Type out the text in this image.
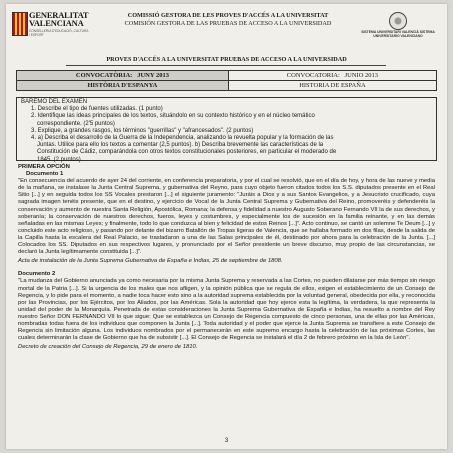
GENERALITAT VALENCIANA
CONSELLERIA D'EDUCACIÓ, CULTURA I ESPORT
COMISSIÓ GESTORA DE LES PROVES D'ACCÉS A LA UNIVERSITAT
COMISIÓN GESTORA DE LAS PRUEBAS DE ACCESO A LA UNIVERSIDAD
SISTEMA UNIVERSITARI VALENCIÀ SISTEMA UNIVERSITARIO VALENCIANO
PROVES D'ACCÉS A LA UNIVERSITAT PRUEBAS DE ACCESO A LA UNIVERSIDAD
CONVOCATÒRIA: JUNY 2013	CONVOCATORIA: JUNIO 2013
HISTÒRIA D'ESPANYA	HISTORIA DE ESPAÑA
BAREMO DEL EXAMEN
1. Describe el tipo de fuentes utilizadas. (1 punto)
2. Identifique las ideas principales de los textos, situándolo en su contexto histórico y en el núcleo temático
correspondiente. (2'5 puntos)
3. Explique, a grandes rasgos, los términos "guerrillas" y "afrancesados". (2 puntos)
4. a) Describa el desarrollo de la Guerra de la Independencia, analizando la revuelta popular y la formación de las
Juntas. Utilice para ello los textos a comentar (2,5 puntos). b) Describa brevemente las características de la
Constitución de Cádiz, comparándola con otros textos constitucionales posteriores, en particular el moderado de
1845. (2 puntos)
PRIMERA OPCIÓN
Documento 1

"En consecuencia del acuerdo de ayer 24 del corriente, en conferencia preparatoria, y por el cual se resolvió, que en el día de hoy, y hora de las nueve y media de la mañana, se instalase la Junta Central Suprema, y gubernativa del Reyno, para cuyo objeto fueron citados todos los S.S. diputados presente en el Real Sitio [...] y en seguida todos los SS Vocales prestaron [...] el siguiente juramento: "Juráis a Dios y a sus Santos Evangelios, y a Jesucristo crucificado, cuya sagrada imagen tenéis presente, que en el destino, y ejercicio de Vocal de la Junta Central Suprema y Gubernativa del Reino, promoveréis y defenderéis la conservación y aumento de nuestra Santa Religión, Apostólica, Romana; la defensa y fidelidad a nuestro Augusto Soberano Fernando VII la de sus derechos, y soberanía; la conservación de nuestros derechos, fueros, leyes y costumbres, y especialmente los de sucesión en la familia reinante, y en las demás señaladas en las mismas Leyes; y finalmente, todo lo que conduzca al bien y felicidad de estos Reinos [...]". Acto continuo, se cantó un solemne Te Deum [...] y concluido este acto religioso, y pasando por delante del bizarro Batallón de Tropas ligeras de Valencia, que se hallaba formado en dos filas, desde la salida de la Capilla hasta la escalera del Real Palacio, se trasladaron a una de las Salas principales de él, destinado por ahora para la celebración de la Junta. [...] Colocados los SS. Diputados en sus respectivos lugares, y pronunciado por el Señor presidente un breve discurso, muy propio de las circunstancias, se declaró la Junta legítimamente constituida [...]".

Acta de instalación de la Junta Suprema Gubernativa de España e Indias, 25 de septiembre de 1808.

Documento 2

"La mudanza del Gobierno anunciada ya como necesaria por la misma Junta Suprema y reservada a las Cortes, no pueden dilatarse por más tiempo sin riesgo mortal de la Patria [...]. Si la urgencia de los males que nos afligen, y la opinión pública que se regula de ellos, exigen el establecimiento de un Consejo de Regencia, y lo pide para el momento, a nadie toca hacer esto sino a la autoridad suprema establecida por la voluntad general, obedecida por ella, y reconocida por las Provincias, por los Ejércitos, por los Aliados, por las Américas. Sola la autoridad que hoy ejerce esta la legítima, la verdadera, la que representa la unidad del poder de la Monarquía. Penetrada de estas consideraciones la Junta Suprema Gubernativa de España e Indias, ha resuelto a nombre del Rey nuestro Señor DON FERNANDO VII lo que sigue: Que se establezca un Consejo de Regencia compuesto de cinco personas, una de ellas por las Américas, nombradas todas fuera de los individuos que componen la Junta [...]. Toda autoridad y el poder que ejerce la Junta Suprema se transfiere a este Consejo de Regencia sin limitación alguna. Los individuos nombrados por el permanecerán en este supremo encargo hasta la celebración de las próximas Cortes, las cuales determinarán la clase de Gobierno que ha de subsistir [...]. El Consejo de Regencia se instalará el día 2 de febrero próximo en la Isla de León".

Decreto de creación del Consejo de Regencia, 29 de enero de 1810.

3
